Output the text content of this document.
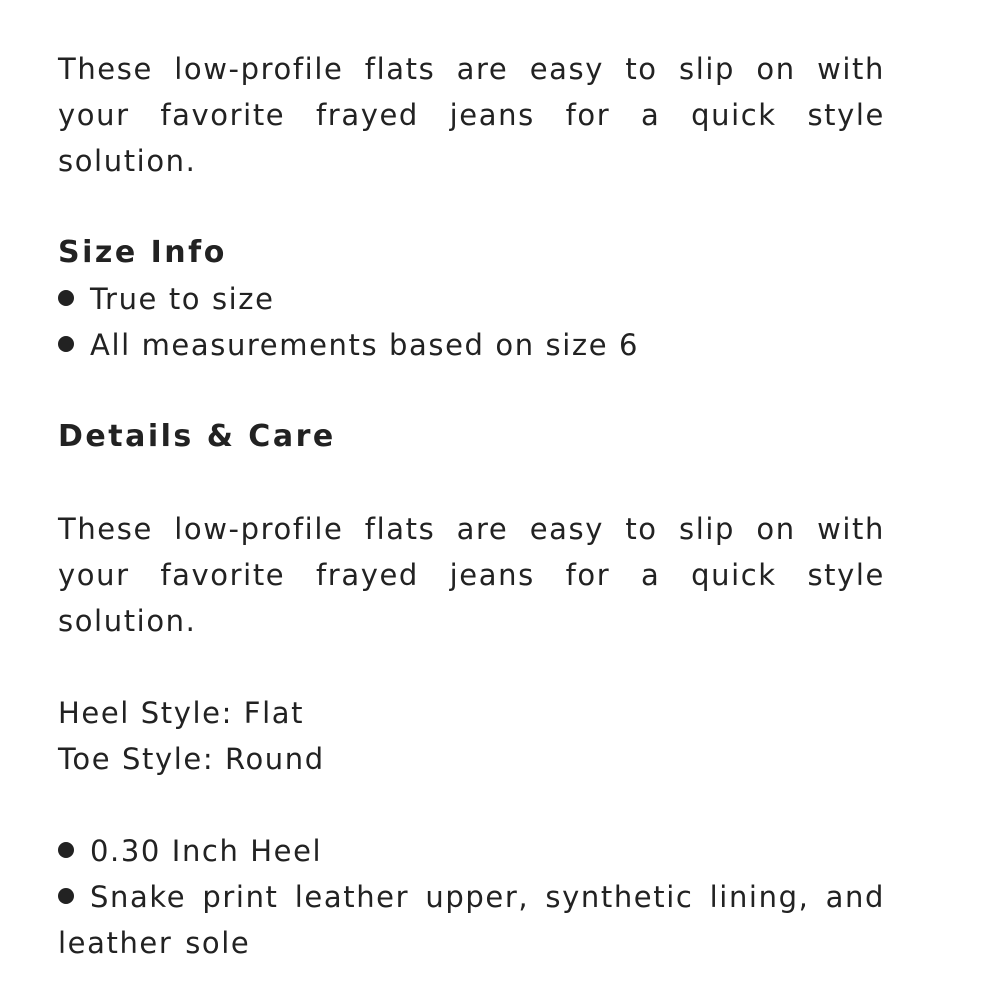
These low-profile flats are easy to slip on with your favorite frayed jeans for a quick style solution.

Size Info

True to size

All measurements based on size 6

Details & Care

These low-profile flats are easy to slip on with your favorite frayed jeans for a quick style solution.

Heel Style: Flat

Toe Style: Round

0.30 Inch Heel

Snake print leather upper, synthetic lining, and leather sole
